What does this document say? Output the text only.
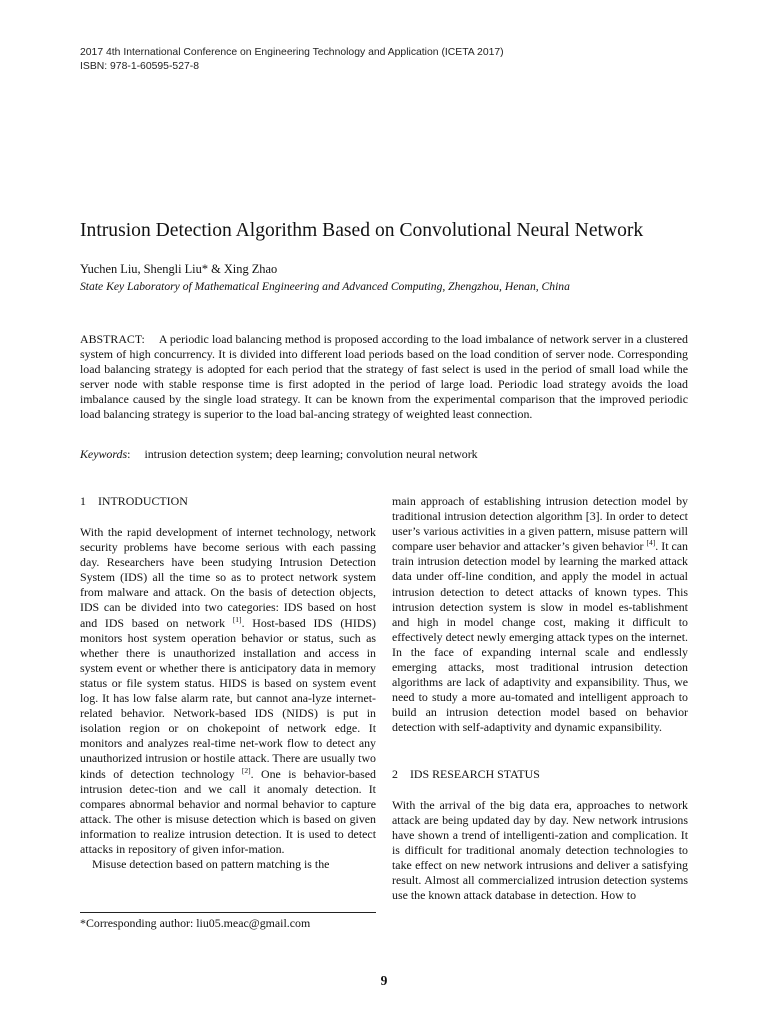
2017 4th International Conference on Engineering Technology and Application (ICETA 2017)
ISBN: 978-1-60595-527-8
Intrusion Detection Algorithm Based on Convolutional Neural Network
Yuchen Liu, Shengli Liu* & Xing Zhao
State Key Laboratory of Mathematical Engineering and Advanced Computing, Zhengzhou, Henan, China
ABSTRACT: A periodic load balancing method is proposed according to the load imbalance of network server in a clustered system of high concurrency. It is divided into different load periods based on the load condition of server node. Corresponding load balancing strategy is adopted for each period that the strategy of fast select is used in the period of small load while the server node with stable response time is first adopted in the period of large load. Periodic load strategy avoids the load imbalance caused by the single load strategy. It can be known from the experimental comparison that the improved periodic load balancing strategy is superior to the load bal-ancing strategy of weighted least connection.
Keywords: intrusion detection system; deep learning; convolution neural network
1 INTRODUCTION

With the rapid development of internet technology, network security problems have become serious with each passing day. Researchers have been studying Intrusion Detection System (IDS) all the time so as to protect network system from malware and attack. On the basis of detection objects, IDS can be divided into two categories: IDS based on host and IDS based on network [1]. Host-based IDS (HIDS) monitors host system operation behavior or status, such as whether there is unauthorized installation and access in system event or whether there is anticipatory data in memory status or file system status. HIDS is based on system event log. It has low false alarm rate, but cannot ana-lyze internet-related behavior. Network-based IDS (NIDS) is put in isolation region or on chokepoint of network edge. It monitors and analyzes real-time net-work flow to detect any unauthorized intrusion or hostile attack. There are usually two kinds of detection technology [2]. One is behavior-based intrusion detec-tion and we call it anomaly detection. It compares abnormal behavior and normal behavior to capture attack. The other is misuse detection which is based on given information to realize intrusion detection. It is used to detect attacks in repository of given infor-mation.

Misuse detection based on pattern matching is the

main approach of establishing intrusion detection model by traditional intrusion detection algorithm [3]. In order to detect user’s various activities in a given pattern, misuse pattern will compare user behavior and attacker’s given behavior [4]. It can train intrusion detection model by learning the marked attack data under off-line condition, and apply the model in actual intrusion detection to detect attacks of known types. This intrusion detection system is slow in model es-tablishment and high in model change cost, making it difficult to effectively detect newly emerging attack types on the internet. In the face of expanding internal scale and endlessly emerging attacks, most traditional intrusion detection algorithms are lack of adaptivity and expansibility. Thus, we need to study a more au-tomated and intelligent approach to build an intrusion detection model based on behavior detection with self-adaptivity and dynamic expansibility.

2 IDS RESEARCH STATUS

With the arrival of the big data era, approaches to network attack are being updated day by day. New network intrusions have shown a trend of intelligenti-zation and complication. It is difficult for traditional anomaly detection technologies to take effect on new network intrusions and deliver a satisfying result. Almost all commercialized intrusion detection systems use the known attack database in detection. How to

*Corresponding author: liu05.meac@gmail.com
9
